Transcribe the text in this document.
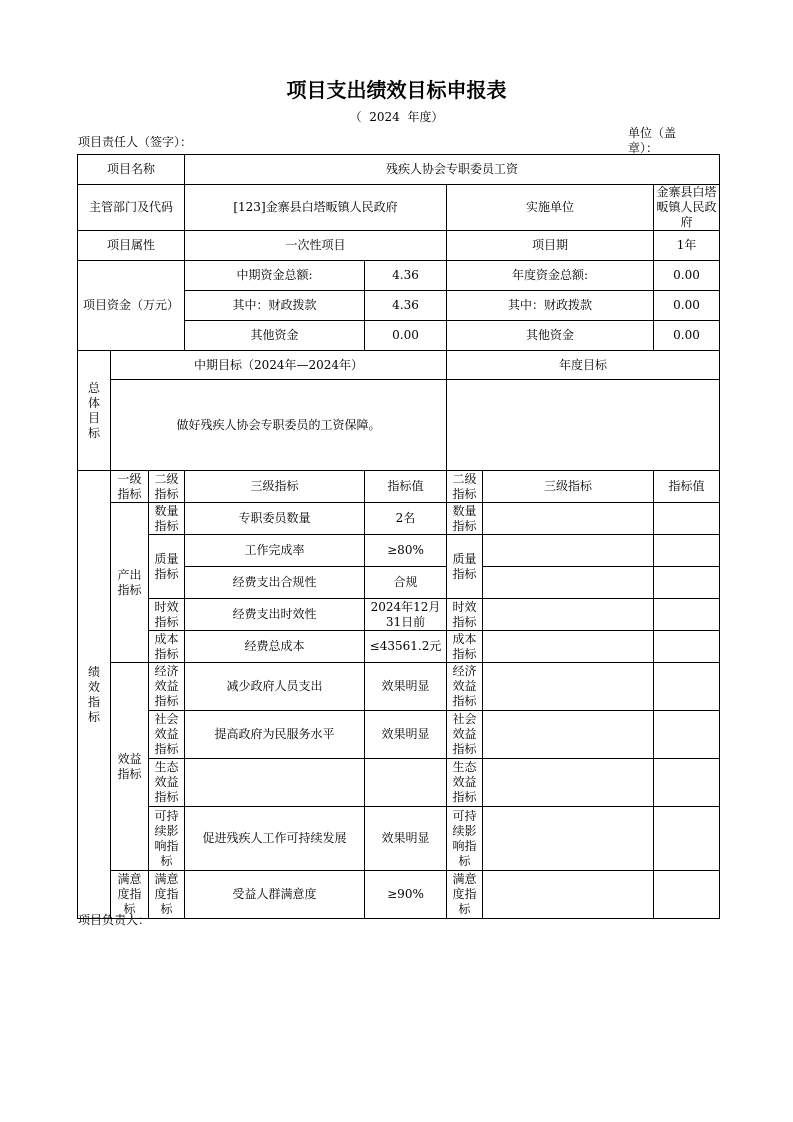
项目支出绩效目标申报表
（  2024  年度）
项目责任人（签字）：
单位（盖章）：
项目名称			残疾人协会专职委员工资				
主管部门及代码			[123]金寨县白塔畈镇人民政府		实施单位		金寨县白塔畈镇人民政府
项目属性			一次性项目		项目期		1年
项目资金（万元）			中期资金总额:	4.36	年度资金总额:		0.00
			其中：财政拨款	4.36	其中：财政拨款		0.00
			其他资金	0.00	其他资金		0.00
总体目标	中期目标（2024年—2024年）				年度目标		
	做好残疾人协会专职委员的工资保障。						
绩效指标	一级指标	二级指标	三级指标	指标值	二级指标	三级指标	指标值
	产出指标	数量指标	专职委员数量	2名	数量指标		
		质量指标	工作完成率	≥80%	质量指标		
			经费支出合规性	合规			
		时效指标	经费支出时效性	2024年12月31日前	时效指标		
		成本指标	经费总成本	≤43561.2元	成本指标		
	效益指标	经济效益指标	减少政府人员支出	效果明显	经济效益指标		
		社会效益指标	提高政府为民服务水平	效果明显	社会效益指标		
		生态效益指标			生态效益指标		
		可持续影响指标	促进残疾人工作可持续发展	效果明显	可持续影响指标		
	满意度指标	满意度指标	受益人群满意度	≥90%	满意度指标		
项目负责人：
